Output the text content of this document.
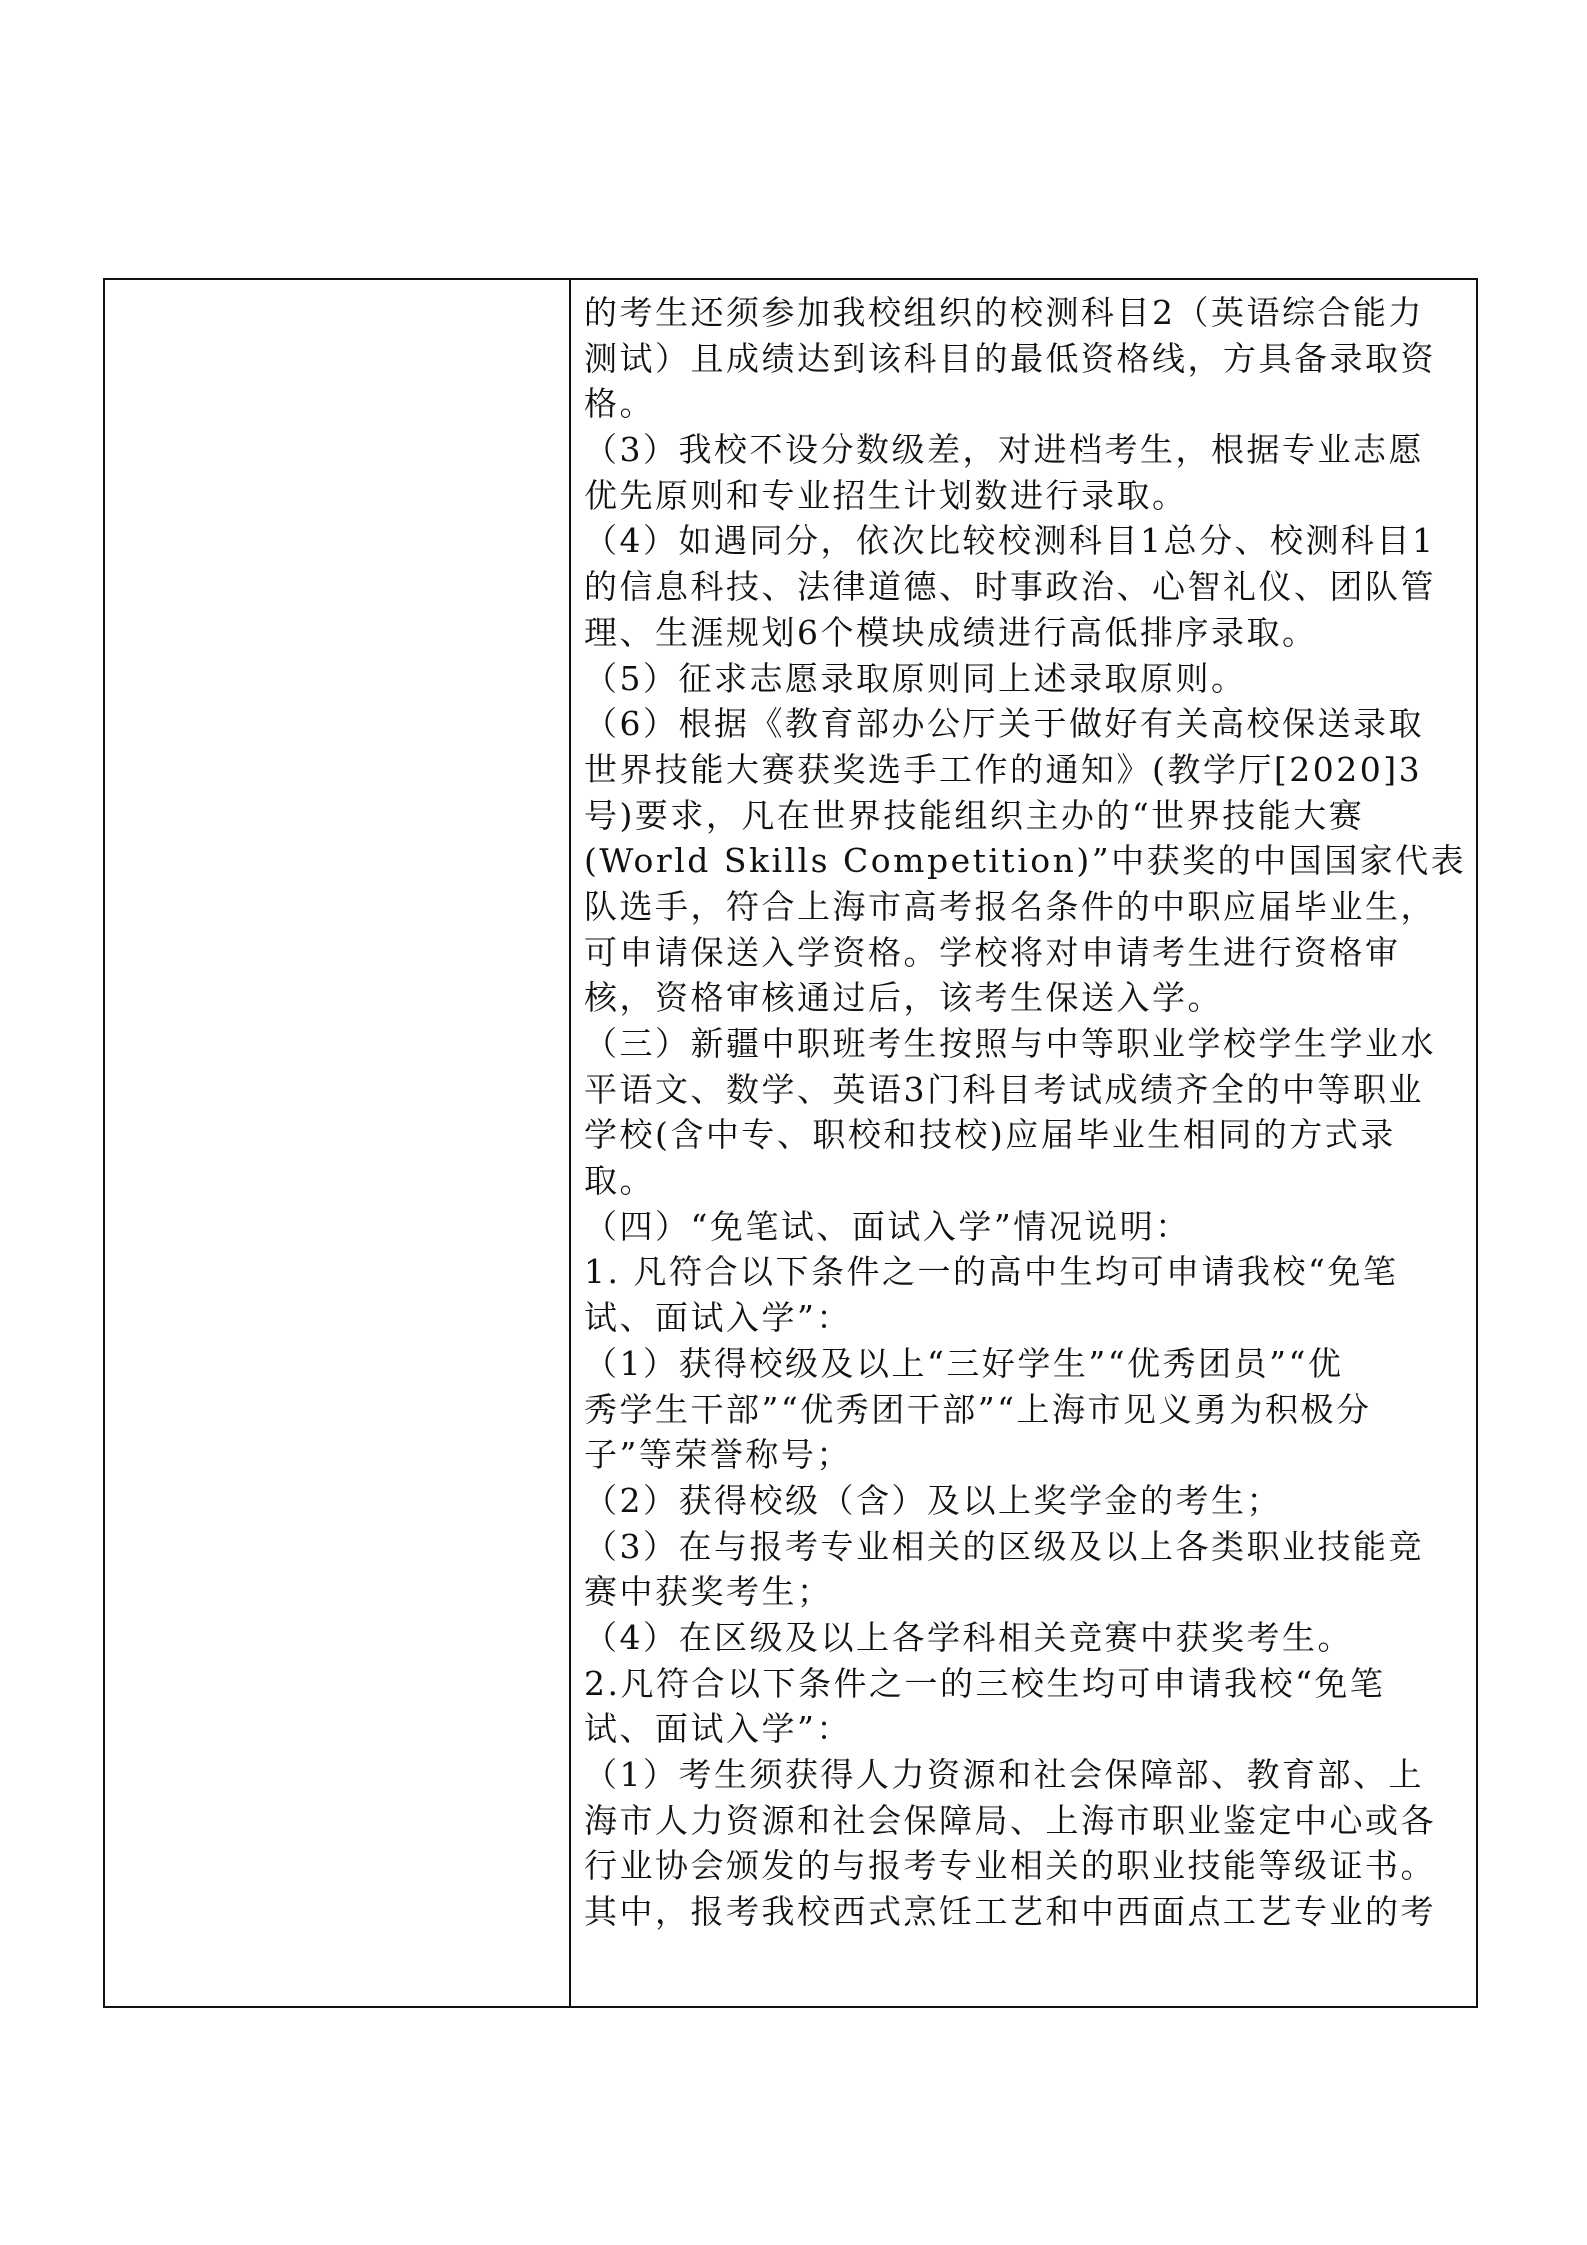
的考生还须参加我校组织的校测科目2（英语综合能力
测试）且成绩达到该科目的最低资格线，方具备录取资
格。
（3）我校不设分数级差，对进档考生，根据专业志愿
优先原则和专业招生计划数进行录取。
（4）如遇同分，依次比较校测科目1总分、校测科目1
的信息科技、法律道德、时事政治、心智礼仪、团队管
理、生涯规划6个模块成绩进行高低排序录取。
（5）征求志愿录取原则同上述录取原则。
（6）根据《教育部办公厅关于做好有关高校保送录取
世界技能大赛获奖选手工作的通知》(教学厅[2020]3
号)要求，凡在世界技能组织主办的“世界技能大赛
(World Skills Competition)”中获奖的中国国家代表
队选手，符合上海市高考报名条件的中职应届毕业生，
可申请保送入学资格。学校将对申请考生进行资格审
核，资格审核通过后，该考生保送入学。
（三）新疆中职班考生按照与中等职业学校学生学业水
平语文、数学、英语3门科目考试成绩齐全的中等职业
学校(含中专、职校和技校)应届毕业生相同的方式录
取。
（四）“免笔试、面试入学”情况说明：
1. 凡符合以下条件之一的高中生均可申请我校“免笔
试、面试入学”：
（1）获得校级及以上“三好学生”“优秀团员”“优
秀学生干部”“优秀团干部”“上海市见义勇为积极分
子”等荣誉称号；
（2）获得校级（含）及以上奖学金的考生；
（3）在与报考专业相关的区级及以上各类职业技能竞
赛中获奖考生；
（4）在区级及以上各学科相关竞赛中获奖考生。
2.凡符合以下条件之一的三校生均可申请我校“免笔
试、面试入学”：
（1）考生须获得人力资源和社会保障部、教育部、上
海市人力资源和社会保障局、上海市职业鉴定中心或各
行业协会颁发的与报考专业相关的职业技能等级证书。
其中，报考我校西式烹饪工艺和中西面点工艺专业的考
